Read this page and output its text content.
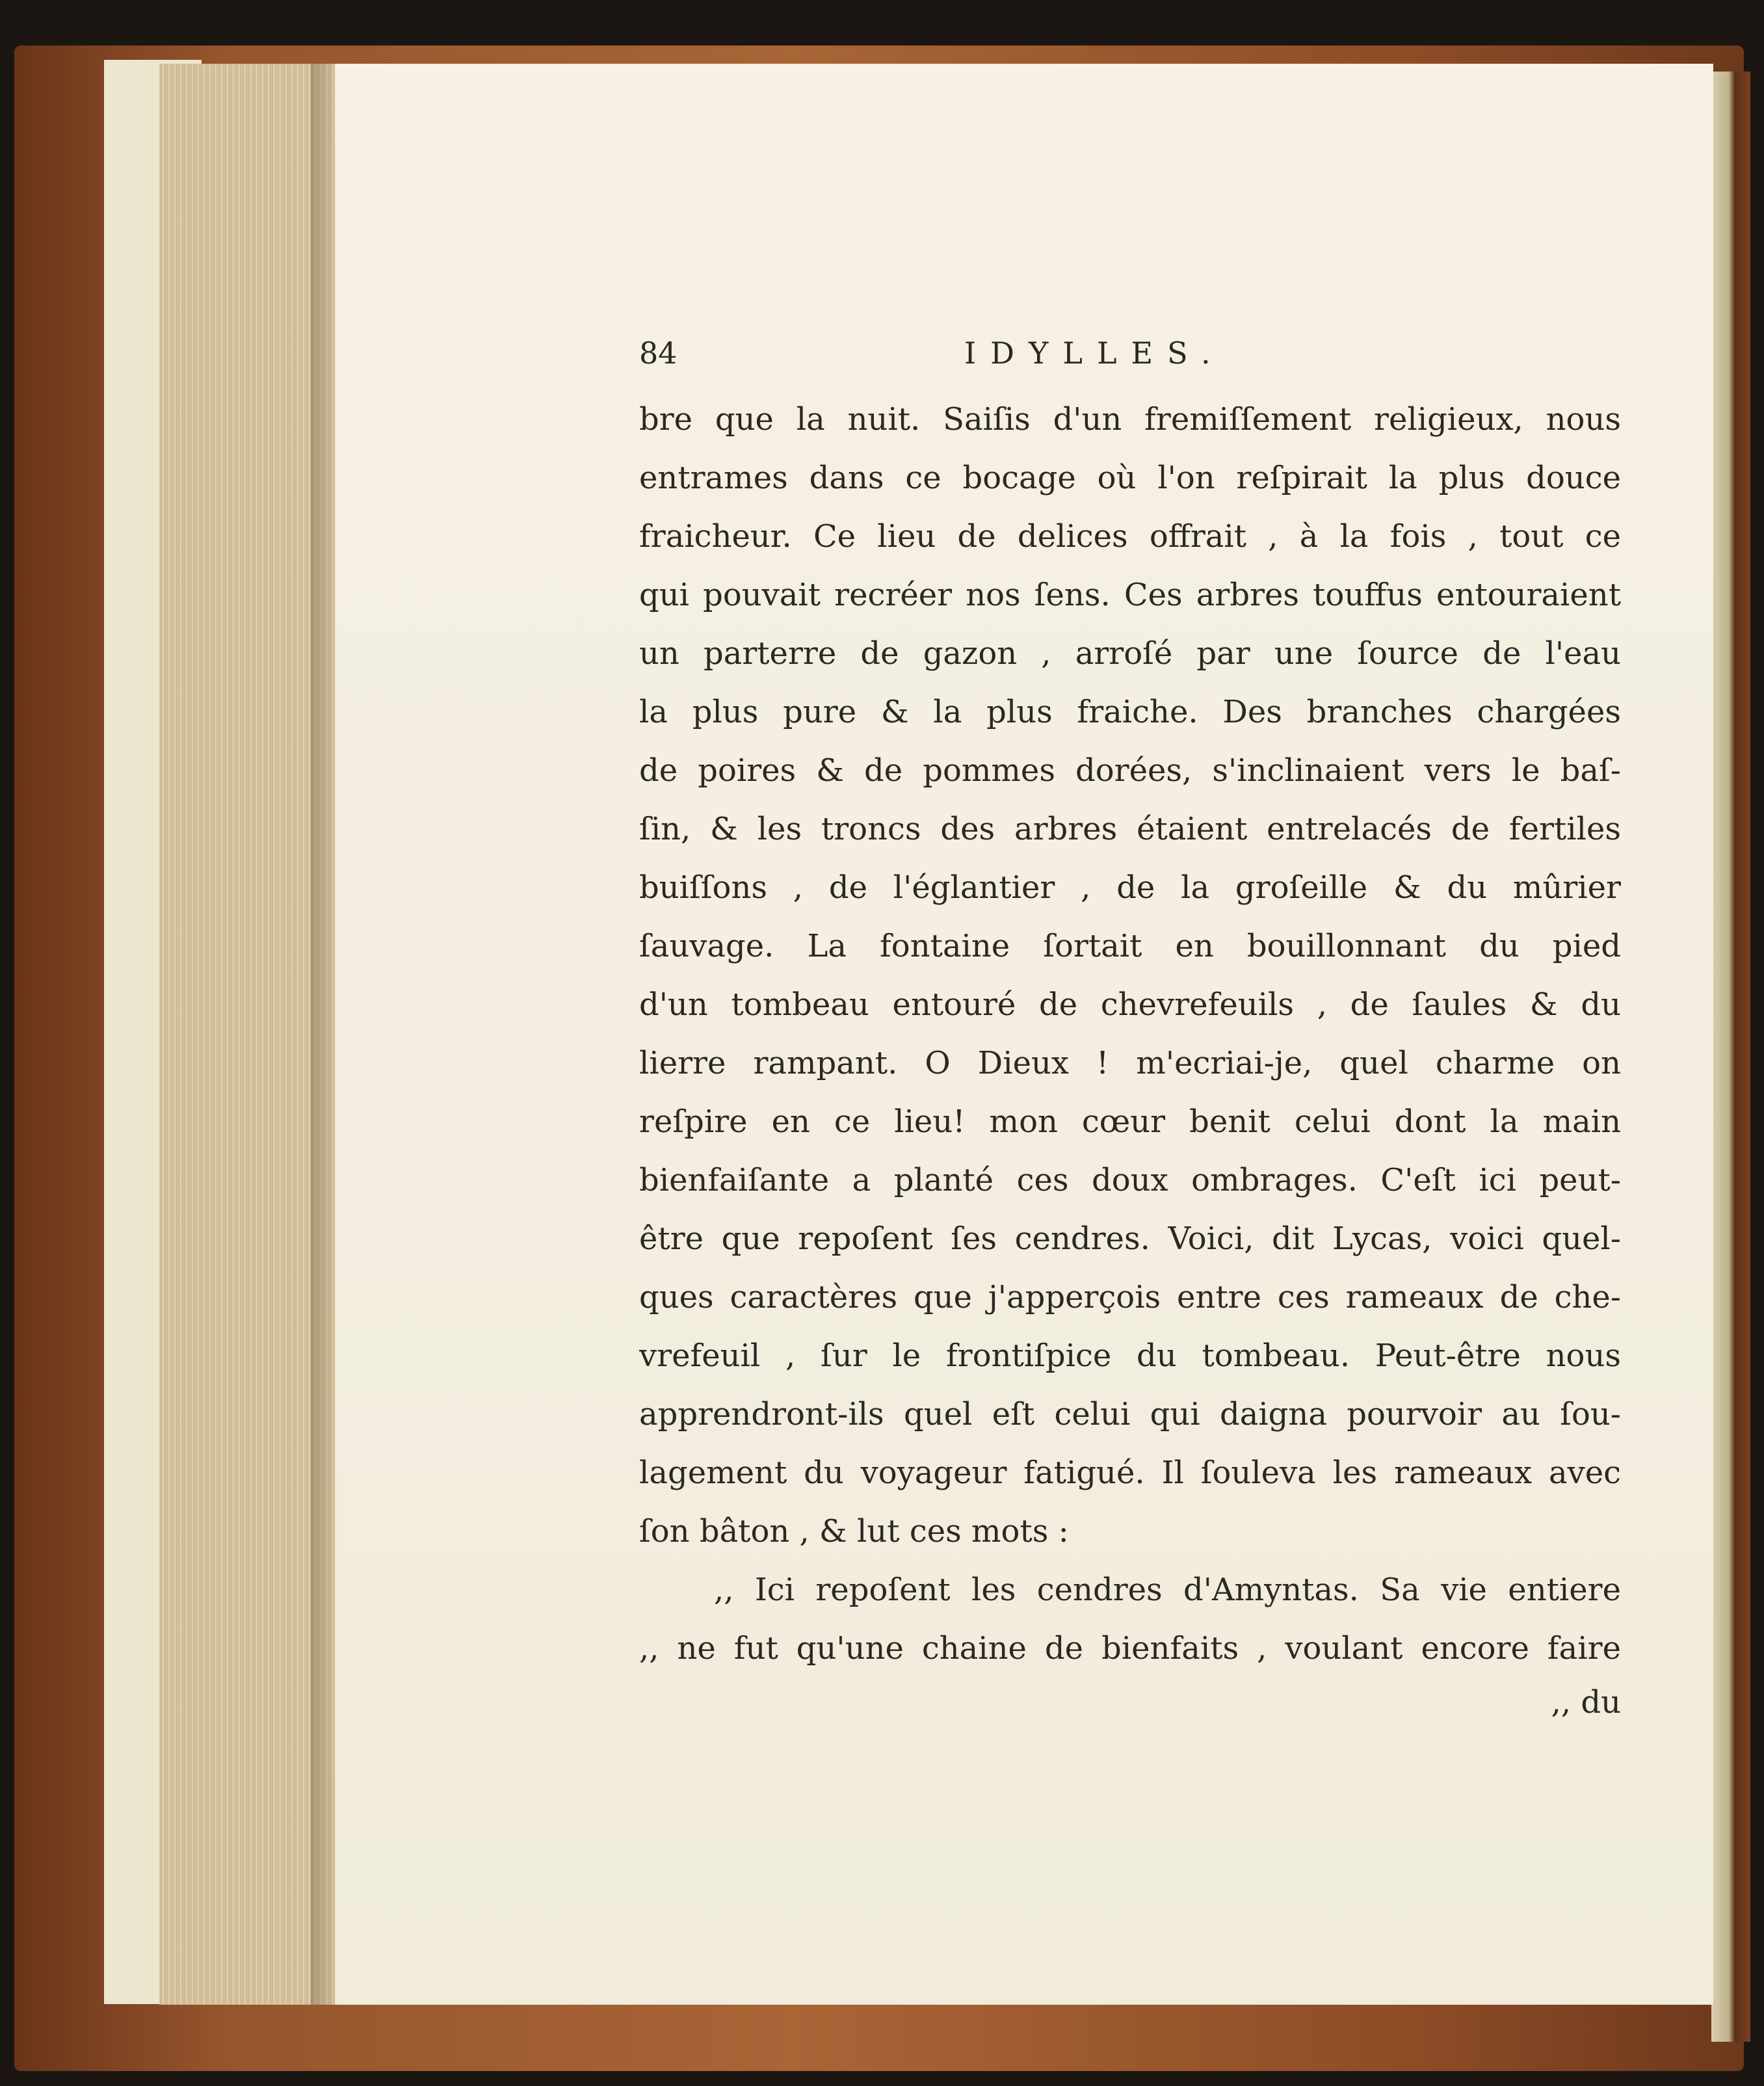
84	IDYLLES.
bre que la nuit. Saiſis d'un fremiſſement religieux, nous
entrames dans ce bocage où l'on reſpirait la plus douce
fraicheur. Ce lieu de delices offrait , à la fois , tout ce
qui pouvait recréer nos ſens. Ces arbres touffus entouraient
un parterre de gazon , arroſé par une ſource de l'eau
la plus pure & la plus fraiche. Des branches chargées
de poires & de pommes dorées, s'inclinaient vers le baſ-
ſin, & les troncs des arbres étaient entrelacés de fertiles
buiſſons , de l'églantier , de la groſeille & du mûrier
ſauvage. La fontaine ſortait en bouillonnant du pied
d'un tombeau entouré de chevrefeuils , de ſaules & du
lierre rampant. O Dieux ! m'ecriai-je, quel charme on
reſpire en ce lieu! mon cœur benit celui dont la main
bienfaiſante a planté ces doux ombrages. C'eſt ici peut-
être que repoſent ſes cendres. Voici, dit Lycas, voici quel-
ques caractères que j'apperçois entre ces rameaux de che-
vrefeuil , ſur le frontiſpice du tombeau. Peut-être nous
apprendront-ils quel eſt celui qui daigna pourvoir au ſou-
lagement du voyageur fatigué. Il ſouleva les rameaux avec
ſon bâton , & lut ces mots :
,, Ici repoſent les cendres d'Amyntas. Sa vie entiere
,, ne fut qu'une chaine de bienfaits , voulant encore faire
,, du
